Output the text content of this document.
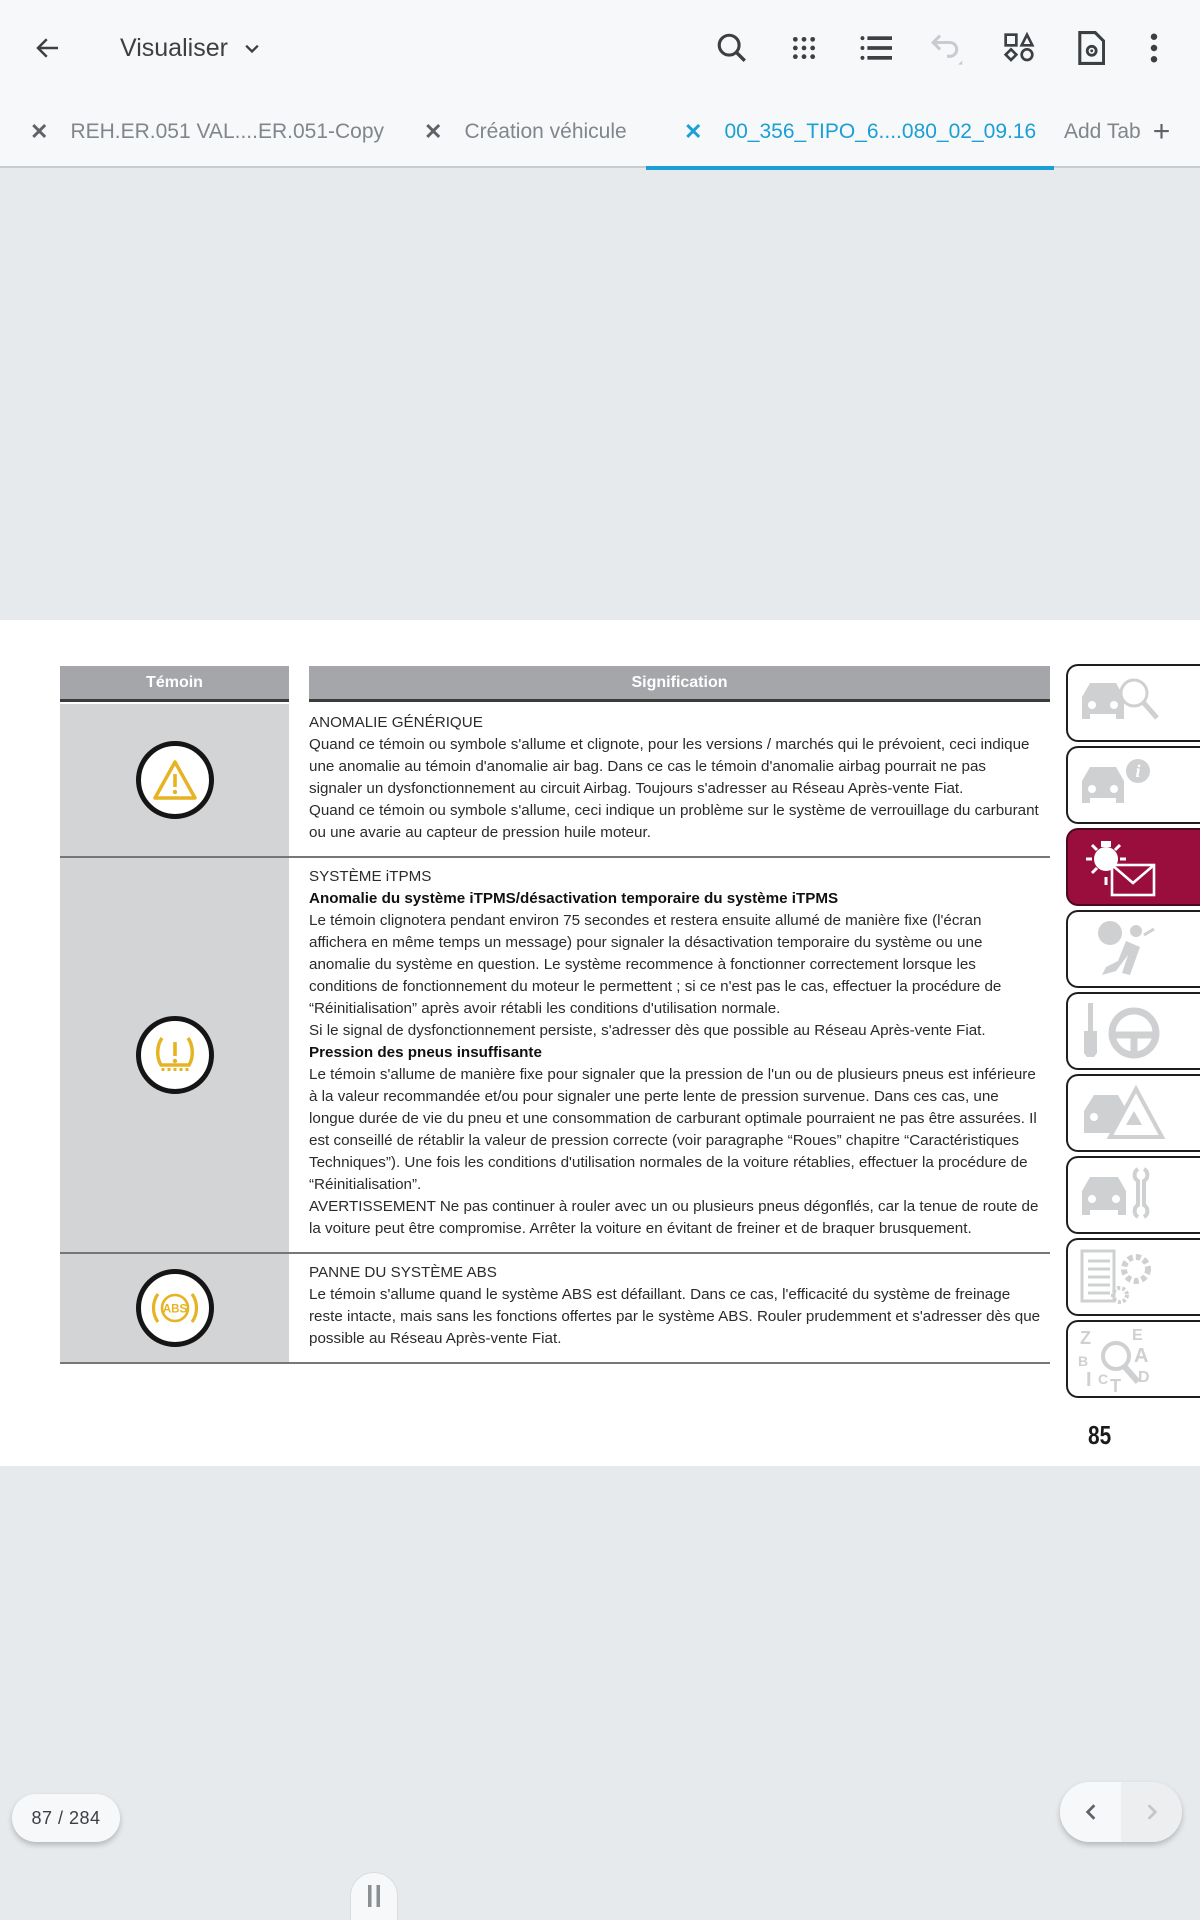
Visualiser
✕ REH.ER.051 VAL....ER.051-Copy ✕ Création véhicule	✕ 00_356_TIPO_6....080_02_09.16 Add Tab +
Témoin	Signification
ANOMALIE GÉNÉRIQUE
Quand ce témoin ou symbole s'allume et clignote, pour les versions / marchés qui le prévoient, ceci indique une anomalie au témoin d'anomalie air bag. Dans ce cas le témoin d'anomalie airbag pourrait ne pas signaler un dysfonctionnement au circuit Airbag. Toujours s'adresser au Réseau Après-vente Fiat.
Quand ce témoin ou symbole s'allume, ceci indique un problème sur le système de verrouillage du carburant ou une avarie au capteur de pression huile moteur.
SYSTÈME iTPMS
Anomalie du système iTPMS/désactivation temporaire du système iTPMS
Le témoin clignotera pendant environ 75 secondes et restera ensuite allumé de manière fixe (l'écran affichera en même temps un message) pour signaler la désactivation temporaire du système ou une anomalie du système en question. Le système recommence à fonctionner correctement lorsque les conditions de fonctionnement du moteur le permettent ; si ce n'est pas le cas, effectuer la procédure de “Réinitialisation” après avoir rétabli les conditions d'utilisation normale.
Si le signal de dysfonctionnement persiste, s'adresser dès que possible au Réseau Après-vente Fiat.
Pression des pneus insuffisante
Le témoin s'allume de manière fixe pour signaler que la pression de l'un ou de plusieurs pneus est inférieure à la valeur recommandée et/ou pour signaler une perte lente de pression survenue. Dans ces cas, une longue durée de vie du pneu et une consommation de carburant optimale pourraient ne pas être assurées. Il est conseillé de rétablir la valeur de pression correcte (voir paragraphe “Roues” chapitre “Caractéristiques Techniques”). Une fois les conditions d'utilisation normales de la voiture rétablies, effectuer la procédure de “Réinitialisation”.
AVERTISSEMENT Ne pas continuer à rouler avec un ou plusieurs pneus dégonflés, car la tenue de route de la voiture peut être compromise. Arrêter la voiture en évitant de freiner et de braquer brusquement.
ABS
PANNE DU SYSTÈME ABS
Le témoin s'allume quand le système ABS est défaillant. Dans ce cas, l'efficacité du système de freinage reste intacte, mais sans les fonctions offertes par le système ABS. Rouler prudemment et s'adresser dès que possible au Réseau Après-vente Fiat.
i
Z
B
I C T
E
A
D
85
87 / 284
